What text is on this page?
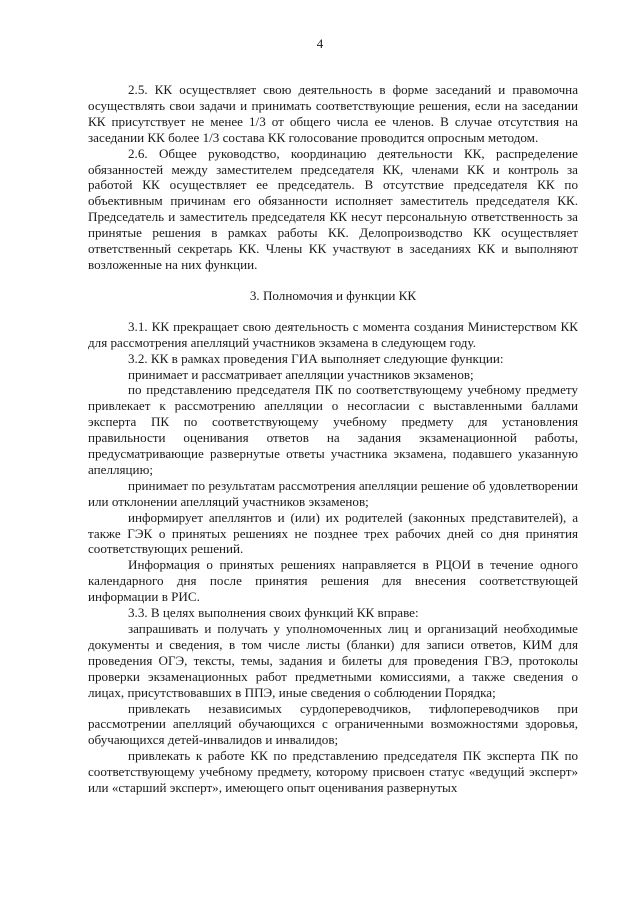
4

2.5. КК осуществляет свою деятельность в форме заседаний и правомочна осуществлять свои задачи и принимать соответствующие решения, если на заседании КК присутствует не менее 1/3 от общего числа ее членов. В случае отсутствия на заседании КК более 1/3 состава КК голосование проводится опросным методом.

2.6. Общее руководство, координацию деятельности КК, распределение обязанностей между заместителем председателя КК, членами КК и контроль за работой КК осуществляет ее председатель. В отсутствие председателя КК по объективным причинам его обязанности исполняет заместитель председателя КК. Председатель и заместитель председателя КК несут персональную ответственность за принятые решения в рамках работы КК. Делопроизводство КК осуществляет ответственный секретарь КК. Члены КК участвуют в заседаниях КК и выполняют возложенные на них функции.

3. Полномочия и функции КК

3.1. КК прекращает свою деятельность с момента создания Министерством КК для рассмотрения апелляций участников экзамена в следующем году.

3.2. КК в рамках проведения ГИА выполняет следующие функции:

принимает и рассматривает апелляции участников экзаменов;

по представлению председателя ПК по соответствующему учебному предмету привлекает к рассмотрению апелляции о несогласии с выставленными баллами эксперта ПК по соответствующему учебному предмету для установления правильности оценивания ответов на задания экзаменационной работы, предусматривающие развернутые ответы участника экзамена, подавшего указанную апелляцию;

принимает по результатам рассмотрения апелляции решение об удовлетворении или отклонении апелляций участников экзаменов;

информирует апеллянтов и (или) их родителей (законных представителей), а также ГЭК о принятых решениях не позднее трех рабочих дней со дня принятия соответствующих решений.

Информация о принятых решениях направляется в РЦОИ в течение одного календарного дня после принятия решения для внесения соответствующей информации в РИС.

3.3. В целях выполнения своих функций КК вправе:

запрашивать и получать у уполномоченных лиц и организаций необходимые документы и сведения, в том числе листы (бланки) для записи ответов, КИМ для проведения ОГЭ, тексты, темы, задания и билеты для проведения ГВЭ, протоколы проверки экзаменационных работ предметными комиссиями, а также сведения о лицах, присутствовавших в ППЭ, иные сведения о соблюдении Порядка;

привлекать независимых сурдопереводчиков, тифлопереводчиков при рассмотрении апелляций обучающихся с ограниченными возможностями здоровья, обучающихся детей-инвалидов и инвалидов;

привлекать к работе КК по представлению председателя ПК эксперта ПК по соответствующему учебному предмету, которому присвоен статус «ведущий эксперт» или «старший эксперт», имеющего опыт оценивания развернутых
